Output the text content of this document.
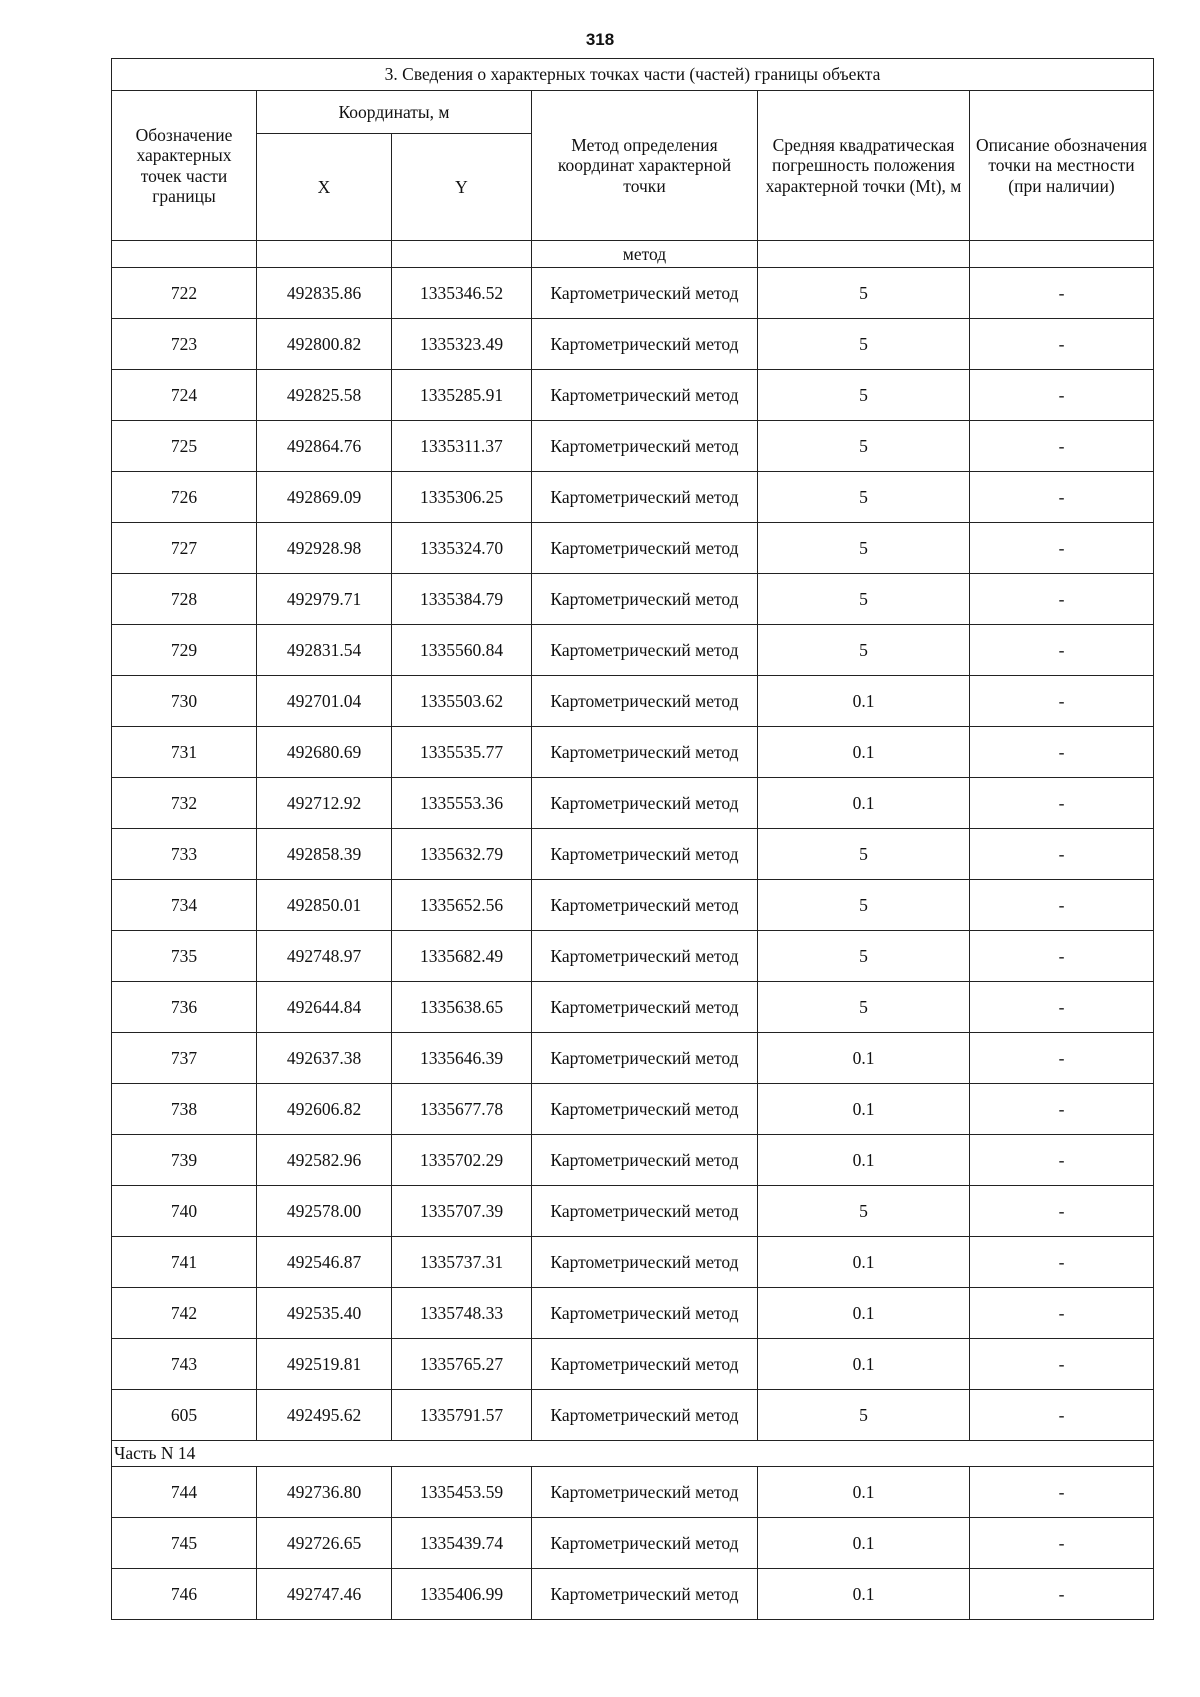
318
3. Сведения о характерных точках части (частей) границы объекта					
Обозначение характерных точек части границы	Координаты, м		Метод определения координат характерной точки	Средняя квадратическая погрешность положения характерной точки (Mt), м	Описание обозначения точки на местности (при наличии)
	X	Y			
			метод		
722	492835.86	1335346.52	Картометрический метод	5	-
723	492800.82	1335323.49	Картометрический метод	5	-
724	492825.58	1335285.91	Картометрический метод	5	-
725	492864.76	1335311.37	Картометрический метод	5	-
726	492869.09	1335306.25	Картометрический метод	5	-
727	492928.98	1335324.70	Картометрический метод	5	-
728	492979.71	1335384.79	Картометрический метод	5	-
729	492831.54	1335560.84	Картометрический метод	5	-
730	492701.04	1335503.62	Картометрический метод	0.1	-
731	492680.69	1335535.77	Картометрический метод	0.1	-
732	492712.92	1335553.36	Картометрический метод	0.1	-
733	492858.39	1335632.79	Картометрический метод	5	-
734	492850.01	1335652.56	Картометрический метод	5	-
735	492748.97	1335682.49	Картометрический метод	5	-
736	492644.84	1335638.65	Картометрический метод	5	-
737	492637.38	1335646.39	Картометрический метод	0.1	-
738	492606.82	1335677.78	Картометрический метод	0.1	-
739	492582.96	1335702.29	Картометрический метод	0.1	-
740	492578.00	1335707.39	Картометрический метод	5	-
741	492546.87	1335737.31	Картометрический метод	0.1	-
742	492535.40	1335748.33	Картометрический метод	0.1	-
743	492519.81	1335765.27	Картометрический метод	0.1	-
605	492495.62	1335791.57	Картометрический метод	5	-
Часть N 14					
744	492736.80	1335453.59	Картометрический метод	0.1	-
745	492726.65	1335439.74	Картометрический метод	0.1	-
746	492747.46	1335406.99	Картометрический метод	0.1	-
